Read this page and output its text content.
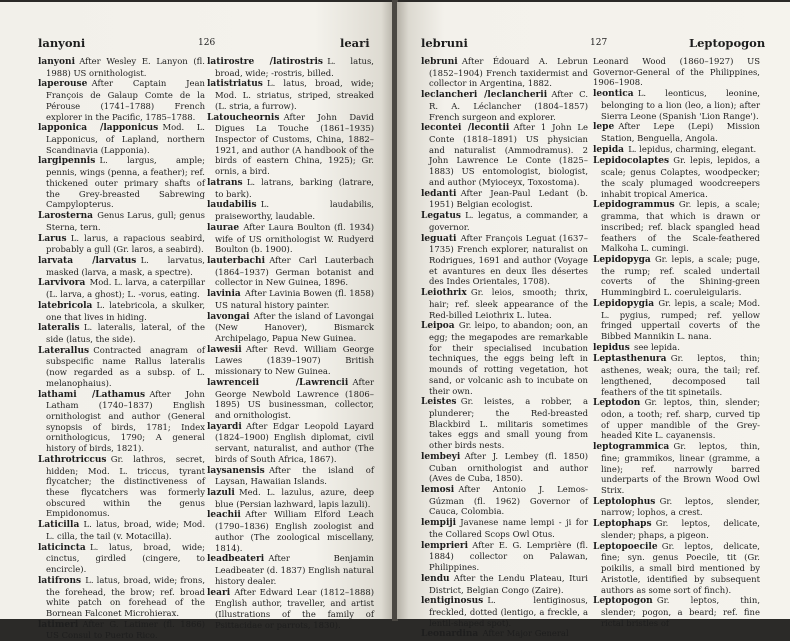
lanyoni	126	leari

lanyoni  After Wesley E. Lanyon (fl. 1988) US ornithologist.

laperouse  After Captain Jean François de Galaup Comte de la Pérouse (1741–1788) French explorer in the Pacific, 1785–1788.

lapponica /lapponicus  Mod. L. Lapponicus, of Lapland, northern Scandinavia (Lapponia).

largipennis  L. largus, ample; pennis, wings (penna, a feather); ref. thickened outer primary shafts of the Grey-breasted Sabrewing Campylopterus.

Larosterna  Genus Larus, gull; genus Sterna, tern.

Larus  L. larus, a rapacious seabird, probably a gull (Gr. laros, a seabird).

larvata /larvatus  L. larvatus, masked (larva, a mask, a spectre).

Larvivora  Mod. L. larva, a caterpillar (L. larva, a ghost); L. -vorus, eating.

latebricola  L. latebricola, a skulker, one that lives in hiding.

lateralis  L. lateralis, lateral, of the side (latus, the side).

Laterallus  Contracted anagram of subspecific name Rallus lateralis (now regarded as a subsp. of L. melanophaius).

lathami /Lathamus  After John Latham (1740–1837) English ornithologist and author (General synopsis of birds, 1781; Index ornithologicus, 1790; A general history of birds, 1821).

Lathrotriccus  Gr. lathros, secret, hidden; Mod. L. triccus, tyrant flycatcher; the distinctiveness of these flycatchers was formerly obscured within the genus Empidonomus.

Laticilla  L. latus, broad, wide; Mod. L. cilla, the tail (v. Motacilla).

laticincta  L. latus, broad, wide; cinctus, girdled (cingere, to encircle).

latifrons  L. latus, broad, wide; frons, the forehead, the brow; ref. broad white patch on forehead of the Bornean Falconet Microhierax.

latimeri  After G. Latimer (fl. 1866) US Consul to Puerto Rico.

latirostre /latirostris  L. latus, broad, wide; -rostris, billed.

latistriatus  L. latus, broad, wide; Mod. L. striatus, striped, streaked (L. stria, a furrow).

Latoucheornis  After John David Digues La Touche (1861–1935) Inspector of Customs, China, 1882–1921, and author (A handbook of the birds of eastern China, 1925); Gr. ornis, a bird.

latrans  L. latrans, barking (latrare, to bark).

laudabilis  L. laudabilis, praiseworthy, laudable.

laurae  After Laura Boulton (fl. 1934) wife of US ornithologist W. Rudyerd Boulton (b. 1900).

lauterbachi  After Carl Lauterbach (1864–1937) German botanist and collector in New Guinea, 1896.

lavinia  After Lavinia Bowen (fl. 1858) US natural history painter.

lavongai  After the island of Lavongai (New Hanover), Bismarck Archipelago, Papua New Guinea.

lawesii  After Revd. William George Lawes (1839–1907) British missionary to New Guinea.

lawrenceii /Lawrencii  After George Newbold Lawrence (1806–1895) US businessman, collector, and ornithologist.

layardi  After Edgar Leopold Layard (1824–1900) English diplomat, civil servant, naturalist, and author (The birds of South Africa, 1867).

laysanensis  After the island of Laysan, Hawaiian Islands.

lazuli  Med. L. lazulus, azure, deep blue (Persian lazhward, lapis lazuli).

leachii  After William Elford Leach (1790–1836) English zoologist and author (The zoological miscellany, 1814).

leadbeateri  After Benjamin Leadbeater (d. 1837) English natural history dealer.

leari  After Edward Lear (1812–1888) English author, traveller, and artist (Illustrations of the family of Psittacidae or parrots, 1830).

lebruni	127	Leptopogon

lebruni  After Édouard A. Lebrun (1852–1904) French taxidermist and collector in Argentina, 1882.

leclancheri /leclancherii  After C. R. A. Léclancher (1804–1857) French surgeon and explorer.

lecontei /lecontii  After 1 John Le Conte (1818–1891) US physician and naturalist (Ammodramus). 2 John Lawrence Le Conte (1825–1883) US entomologist, biologist, and author (Myioceyx, Toxostoma).

ledanti  After Jean-Paul Ledant (b. 1951) Belgian ecologist.

Legatus  L. legatus, a commander, a governor.

leguati  After François Leguat (1637–1735) French explorer, naturalist on Rodrigues, 1691 and author (Voyage et avantures en deux îles désertes des Indes Orientales, 1708).

Leiothrix  Gr. leios, smooth; thrix, hair; ref. sleek appearance of the Red-billed Leiothrix L. lutea.

Leipoa  Gr. leipo, to abandon; oon, an egg; the megapodes are remarkable for their specialised incubation techniques, the eggs being left in mounds of rotting vegetation, hot sand, or volcanic ash to incubate on their own.

Leistes  Gr. leistes, a robber, a plunderer; the Red-breasted Blackbird L. militaris sometimes takes eggs and small young from other birds nests.

lembeyi  After J. Lembey (fl. 1850) Cuban ornithologist and author (Aves de Cuba, 1850).

lemosi  After Antonio J. Lemos-Gúzman (fl. 1962) Governor of Cauca, Colombia.

lempiji  Javanese name lempi - ji for the Collared Scops Owl Otus.

lemprieri  After E. G. Lemprière (fl. 1884) collector on Palawan, Philippines.

lendu  After the Lendu Plateau, Ituri District, Belgian Congo (Zaire).

lentiginosus  L. lentiginosus, freckled, dotted (lentigo, a freckle, a lentil-shaped spot).

Leonardina  After Major General

Leonard Wood (1860–1927) US Governor-General of the Philippines, 1906–1908.

leontica  L. leonticus, leonine, belonging to a lion (leo, a lion); after Sierra Leone (Spanish 'Lion Range').

lepe  After Lepe (Lepi) Mission Station, Benguella, Angola.

lepida  L. lepidus, charming, elegant.

Lepidocolaptes  Gr. lepis, lepidos, a scale; genus Colaptes, woodpecker; the scaly plumaged woodcreepers inhabit tropical America.

Lepidogrammus  Gr. lepis, a scale; gramma, that which is drawn or inscribed; ref. black spangled head feathers of the Scale-feathered Malkoha L. cumingi.

Lepidopyga  Gr. lepis, a scale; puge, the rump; ref. scaled undertail coverts of the Shining-green Hummingbird L. coeruleigularis.

Lepidopygia  Gr. lepis, a scale; Mod. L. pygius, rumped; ref. yellow fringed uppertail coverts of the Bibbed Mannikin L. nana.

lepidus  see lepida.

Leptasthenura  Gr. leptos, thin; asthenes, weak; oura, the tail; ref. lengthened, decomposed tail feathers of the tit spinetails.

Leptodon  Gr. leptos, thin, slender; odon, a tooth; ref. sharp, curved tip of upper mandible of the Grey-headed Kite L. cayanensis.

leptogrammica  Gr. leptos, thin, fine; grammikos, linear (gramme, a line); ref. narrowly barred underparts of the Brown Wood Owl Strix.

Leptolophus  Gr. leptos, slender, narrow; lophos, a crest.

Leptophaps  Gr. leptos, delicate, slender; phaps, a pigeon.

Leptopoecile  Gr. leptos, delicate, fine; syn. genus Poecile, tit (Gr. poikilis, a small bird mentioned by Aristotle, identified by subsequent authors as some sort of finch).

Leptopogon  Gr. leptos, thin, slender; pogon, a beard; ref. fine rictal bristles of
